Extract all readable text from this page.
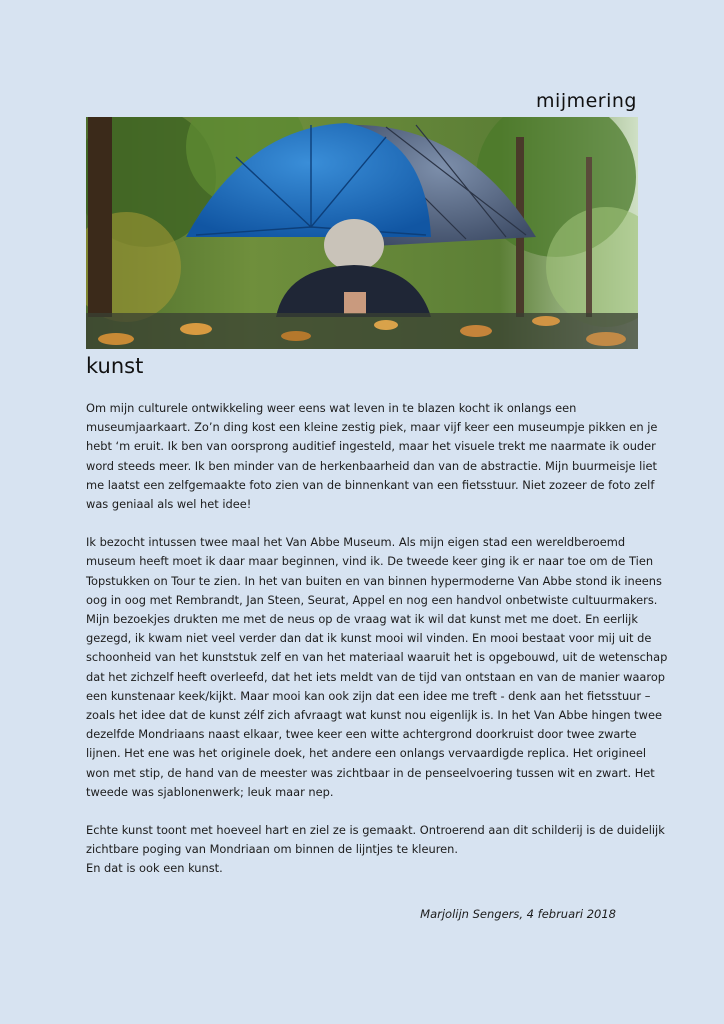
mijmering
kunst

Om mijn culturele ontwikkeling weer eens wat leven in te blazen kocht ik onlangs een
museumjaarkaart. Zo’n ding kost een kleine zestig piek, maar vijf keer een museumpje pikken en je
hebt ‘m eruit. Ik ben van oorsprong auditief ingesteld, maar het visuele trekt me naarmate ik ouder
word steeds meer. Ik ben minder van de herkenbaarheid dan van de abstractie. Mijn buurmeisje liet
me laatst een zelfgemaakte foto zien van de binnenkant van een fietsstuur. Niet zozeer de foto zelf
was geniaal als wel het idee!

Ik bezocht intussen twee maal het Van Abbe Museum. Als mijn eigen stad een wereldberoemd
museum heeft moet ik daar maar beginnen, vind ik. De tweede keer ging ik er naar toe om de Tien
Topstukken on Tour te zien. In het van buiten en van binnen hypermoderne Van Abbe stond ik ineens
oog in oog met Rembrandt, Jan Steen, Seurat, Appel en nog een handvol onbetwiste cultuurmakers.
Mijn bezoekjes drukten me met de neus op de vraag wat ik wil dat kunst met me doet. En eerlijk
gezegd, ik kwam niet veel verder dan dat ik kunst mooi wil vinden. En mooi bestaat voor mij uit de
schoonheid van het kunststuk zelf en van het materiaal waaruit het is opgebouwd, uit de wetenschap
dat het zichzelf heeft overleefd, dat het iets meldt van de tijd van ontstaan en van de manier waarop
een kunstenaar keek/kijkt. Maar mooi kan ook zijn dat een idee me treft - denk aan het fietsstuur –
zoals het idee dat de kunst zélf zich afvraagt wat kunst nou eigenlijk is. In het Van Abbe hingen twee
dezelfde Mondriaans naast elkaar, twee keer een witte achtergrond doorkruist door twee zwarte
lijnen. Het ene was het originele doek, het andere een onlangs vervaardigde replica. Het origineel
won met stip, de hand van de meester was zichtbaar in de penseelvoering tussen wit en zwart. Het
tweede was sjablonenwerk; leuk maar nep.

Echte kunst toont met hoeveel hart en ziel ze is gemaakt. Ontroerend aan dit schilderij is de duidelijk
zichtbare poging van Mondriaan om binnen de lijntjes te kleuren.
En dat is ook een kunst.

Marjolijn Sengers, 4 februari 2018
